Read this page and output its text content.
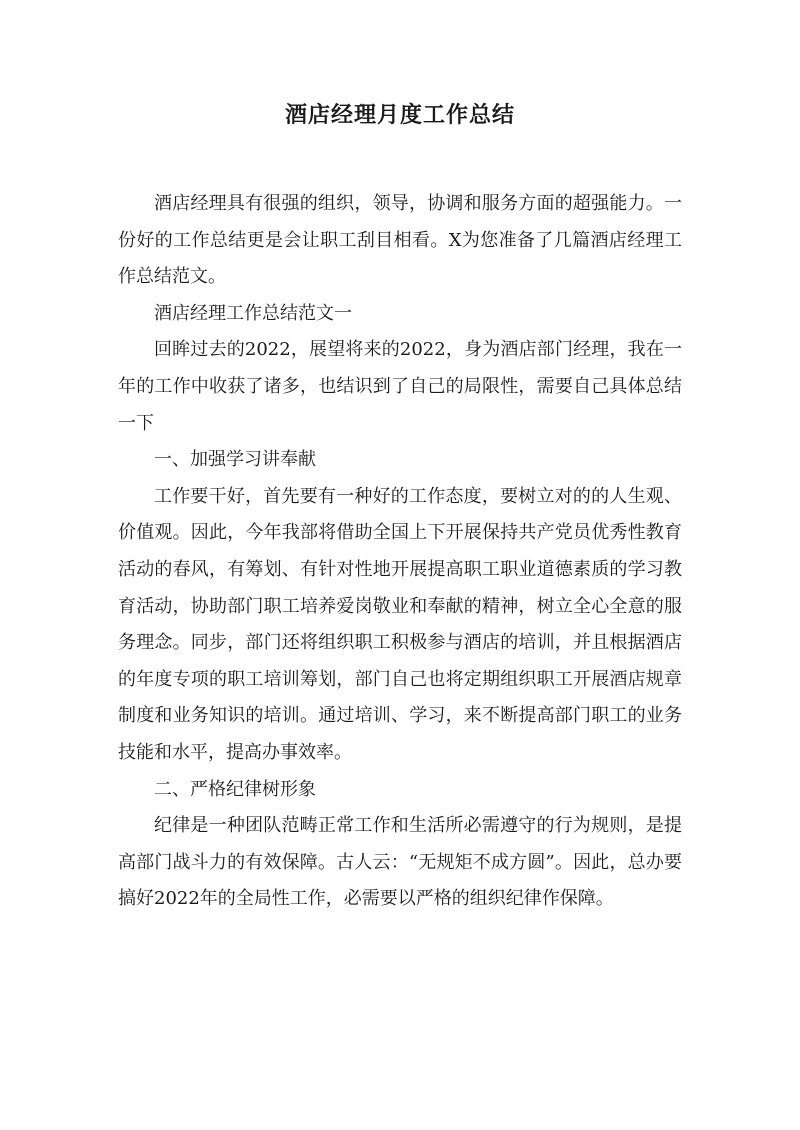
酒店经理月度工作总结

酒店经理具有很强的组织，领导，协调和服务方面的超强能力。一份好的工作总结更是会让职工刮目相看。X为您准备了几篇酒店经理工作总结范文。

酒店经理工作总结范文一

回眸过去的2022，展望将来的2022，身为酒店部门经理，我在一年的工作中收获了诸多，也结识到了自己的局限性，需要自己具体总结一下

一、加强学习讲奉献

工作要干好，首先要有一种好的工作态度，要树立对的的人生观、价值观。因此，今年我部将借助全国上下开展保持共产党员优秀性教育活动的春风，有筹划、有针对性地开展提高职工职业道德素质的学习教育活动，协助部门职工培养爱岗敬业和奉献的精神，树立全心全意的服务理念。同步，部门还将组织职工积极参与酒店的培训，并且根据酒店的年度专项的职工培训筹划，部门自己也将定期组织职工开展酒店规章制度和业务知识的培训。通过培训、学习，来不断提高部门职工的业务技能和水平，提高办事效率。

二、严格纪律树形象

纪律是一种团队范畴正常工作和生活所必需遵守的行为规则，是提高部门战斗力的有效保障。古人云：“无规矩不成方圆”。因此，总办要搞好2022年的全局性工作，必需要以严格的组织纪律作保障。
